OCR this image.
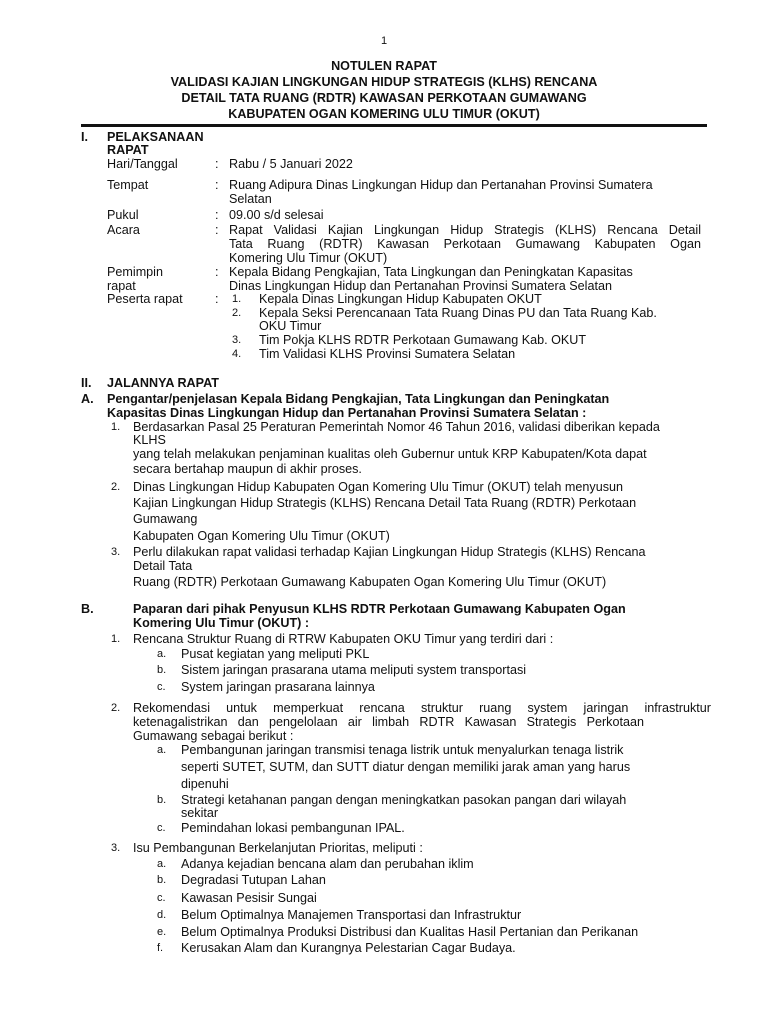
1
NOTULEN RAPAT
VALIDASI KAJIAN LINGKUNGAN HIDUP STRATEGIS (KLHS) RENCANA
DETAIL TATA RUANG (RDTR) KAWASAN PERKOTAAN GUMAWANG
KABUPATEN OGAN KOMERING ULU TIMUR (OKUT)
I. PELAKSANAAN
RAPAT
Hari/Tanggal	: Rabu / 5 Januari 2022
Tempat	: Ruang Adipura Dinas Lingkungan Hidup dan Pertanahan Provinsi Sumatera
Selatan
Pukul	: 09.00 s/d selesai
Acara	: Rapat Validasi Kajian Lingkungan Hidup Strategis (KLHS) Rencana Detail
Tata Ruang (RDTR) Kawasan Perkotaan Gumawang Kabupaten Ogan
Komering Ulu Timur (OKUT)
Pemimpin
rapat
: Kepala Bidang Pengkajian, Tata Lingkungan dan Peningkatan Kapasitas
Dinas Lingkungan Hidup dan Pertanahan Provinsi Sumatera Selatan
Peserta rapat	: 1. Kepala Dinas Lingkungan Hidup Kabupaten OKUT
2. Kepala Seksi Perencanaan Tata Ruang Dinas PU dan Tata Ruang Kab.
OKU Timur
3. Tim Pokja KLHS RDTR Perkotaan Gumawang Kab. OKUT
4. Tim Validasi KLHS Provinsi Sumatera Selatan
II. JALANNYA RAPAT
A. Pengantar/penjelasan Kepala Bidang Pengkajian, Tata Lingkungan dan Peningkatan
Kapasitas Dinas Lingkungan Hidup dan Pertanahan Provinsi Sumatera Selatan :
1. Berdasarkan Pasal 25 Peraturan Pemerintah Nomor 46 Tahun 2016, validasi diberikan kepada
KLHS
yang telah melakukan penjaminan kualitas oleh Gubernur untuk KRP Kabupaten/Kota dapat
secara bertahap maupun di akhir proses.
2. Dinas Lingkungan Hidup Kabupaten Ogan Komering Ulu Timur (OKUT) telah menyusun
Kajian Lingkungan Hidup Strategis (KLHS) Rencana Detail Tata Ruang (RDTR) Perkotaan
Gumawang
Kabupaten Ogan Komering Ulu Timur (OKUT)
3. Perlu dilakukan rapat validasi terhadap Kajian Lingkungan Hidup Strategis (KLHS) Rencana
Detail Tata
Ruang (RDTR) Perkotaan Gumawang Kabupaten Ogan Komering Ulu Timur (OKUT)
B.	Paparan dari pihak Penyusun KLHS RDTR Perkotaan Gumawang Kabupaten Ogan
Komering Ulu Timur (OKUT) :
1. Rencana Struktur Ruang di RTRW Kabupaten OKU Timur yang terdiri dari :
a. Pusat kegiatan yang meliputi PKL
b. Sistem jaringan prasarana utama meliputi system transportasi
c. System jaringan prasarana lainnya
2. Rekomendasi untuk memperkuat rencana struktur ruang system jaringan infrastruktur
ketenagalistrikan dan pengelolaan air limbah RDTR Kawasan Strategis Perkotaan
Gumawang sebagai berikut :
a. Pembangunan jaringan transmisi tenaga listrik untuk menyalurkan tenaga listrik
seperti SUTET, SUTM, dan SUTT diatur dengan memiliki jarak aman yang harus
dipenuhi
b. Strategi ketahanan pangan dengan meningkatkan pasokan pangan dari wilayah
sekitar
c. Pemindahan lokasi pembangunan IPAL.
3. Isu Pembangunan Berkelanjutan Prioritas, meliputi :
a. Adanya kejadian bencana alam dan perubahan iklim
b. Degradasi Tutupan Lahan
c. Kawasan Pesisir Sungai
d. Belum Optimalnya Manajemen Transportasi dan Infrastruktur
e. Belum Optimalnya Produksi Distribusi dan Kualitas Hasil Pertanian dan Perikanan
f. Kerusakan Alam dan Kurangnya Pelestarian Cagar Budaya.
